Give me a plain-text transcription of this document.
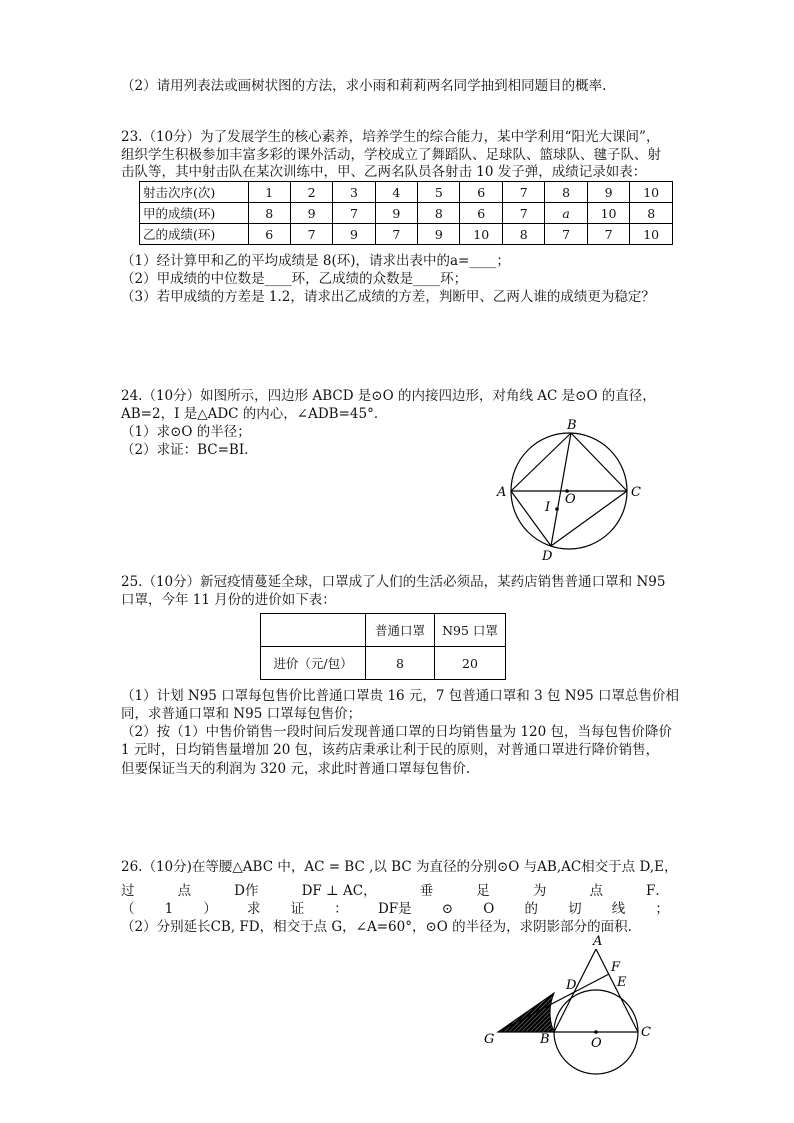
（2）请用列表法或画树状图的方法，求小雨和莉莉两名同学抽到相同题目的概率.
23.（10分）为了发展学生的核心素养，培养学生的综合能力，某中学利用“阳光大课间”，
组织学生积极参加丰富多彩的课外活动，学校成立了舞蹈队、足球队、篮球队、毽子队、射
击队等，其中射击队在某次训练中，甲、乙两名队员各射击 10 发子弹，成绩记录如表：
射击次序(次)	1	2	3	4	5	6	7	8	9	10
甲的成绩(环)	8	9	7	9	8	6	7	a	10	8
乙的成绩(环)	6	7	9	7	9	10	8	7	7	10
（1）经计算甲和乙的平均成绩是 8(环)，请求出表中的a=____；
（2）甲成绩的中位数是____环，乙成绩的众数是____环；
（3）若甲成绩的方差是 1.2，请求出乙成绩的方差，判断甲、乙两人谁的成绩更为稳定？
24.（10分）如图所示，四边形 ABCD 是⊙O 的内接四边形，对角线 AC 是⊙O 的直径，
AB=2，I 是△ADC 的内心，∠ADB=45°．
（1）求⊙O 的半径；
（2）求证：BC=BI.
B
A	C
O
I
D
25.（10分）新冠疫情蔓延全球，口罩成了人们的生活必须品，某药店销售普通口罩和 N95
口罩，今年 11 月份的进价如下表：
	普通口罩	N95 口罩
进价（元/包）	8	20
（1）计划 N95 口罩每包售价比普通口罩贵 16 元，7 包普通口罩和 3 包 N95 口罩总售价相
同，求普通口罩和 N95 口罩每包售价；
（2）按（1）中售价销售一段时间后发现普通口罩的日均销售量为 120 包，当每包售价降价
1 元时，日均销售量增加 20 包，该药店秉承让利于民的原则，对普通口罩进行降价销售，
但要保证当天的利润为 320 元，求此时普通口罩每包售价.
26.（10分)在等腰△ABC 中，AC = BC ,以 BC 为直径的分别⊙O 与AB,AC相交于点 D,E，
过	点	D作	DF ⊥ AC，	垂	足	为	点	F．
（ 1 ） 求 证 ： DF是 ⊙ O 的 切 线 ；
（2）分别延长CB, FD，相交于点 G，∠A=60°，⊙O 的半径为，求阴影部分的面积．
A
F
D	E
G	B	O
C
